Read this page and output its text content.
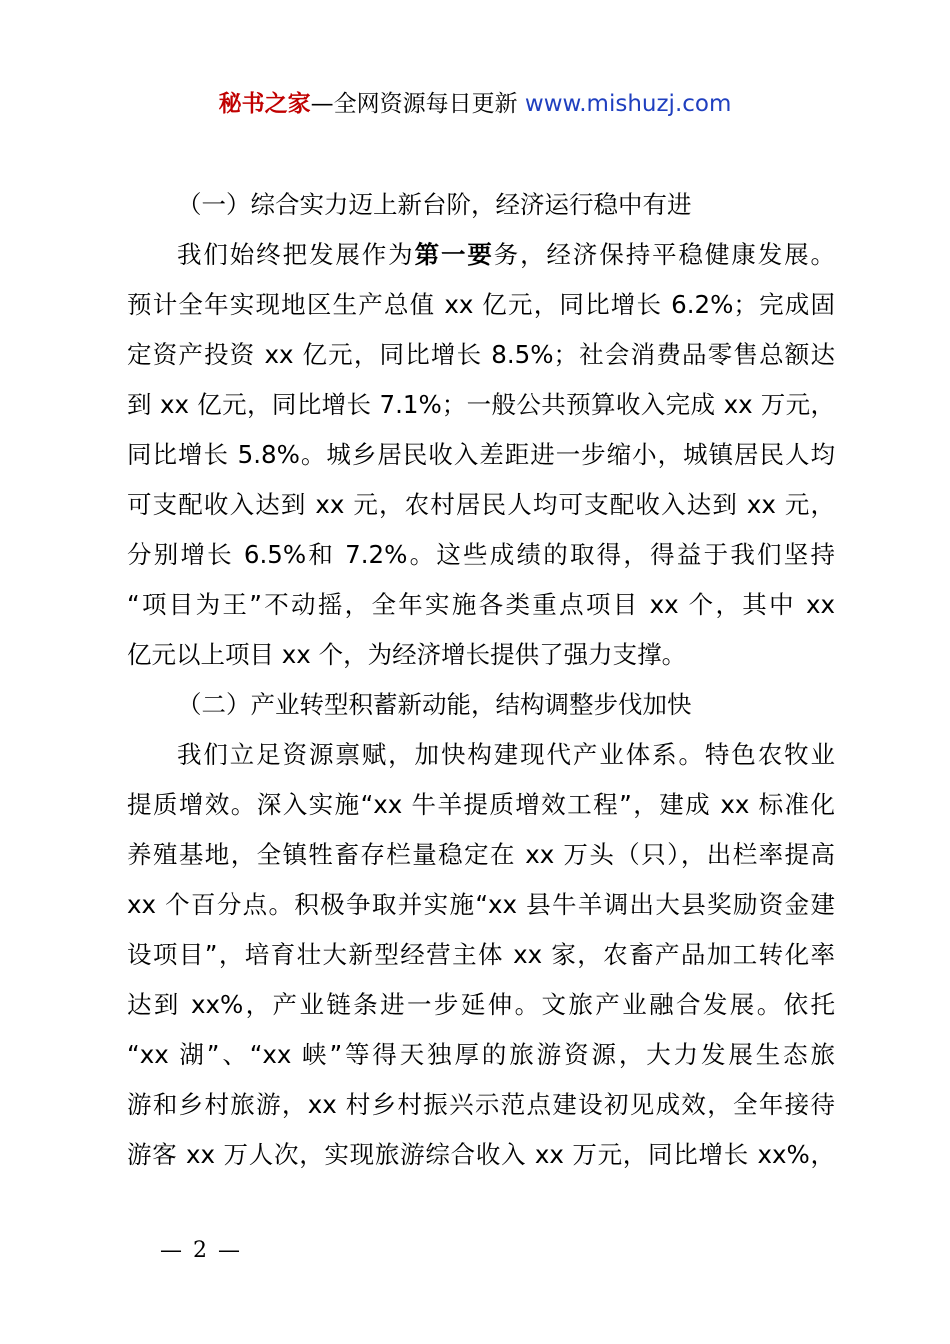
秘书之家—全网资源每日更新 www.mishuzj.com
（一）综合实力迈上新台阶，经济运行稳中有进
我们始终把发展作为第一要务，经济保持平稳健康发展。
预计全年实现地区生产总值 xx 亿元，同比增长 6.2%；完成固
定资产投资 xx 亿元，同比增长 8.5%；社会消费品零售总额达
到 xx 亿元，同比增长 7.1%；一般公共预算收入完成 xx 万元，
同比增长 5.8%。城乡居民收入差距进一步缩小，城镇居民人均
可支配收入达到 xx 元，农村居民人均可支配收入达到 xx 元，
分别增长 6.5%和 7.2%。这些成绩的取得，得益于我们坚持
“项目为王”不动摇，全年实施各类重点项目 xx 个，其中 xx
亿元以上项目 xx 个，为经济增长提供了强力支撑。
（二）产业转型积蓄新动能，结构调整步伐加快
我们立足资源禀赋，加快构建现代产业体系。特色农牧业
提质增效。深入实施“xx 牛羊提质增效工程”，建成 xx 标准化
养殖基地，全镇牲畜存栏量稳定在 xx 万头（只），出栏率提高
xx 个百分点。积极争取并实施“xx 县牛羊调出大县奖励资金建
设项目”，培育壮大新型经营主体 xx 家，农畜产品加工转化率
达到 xx%，产业链条进一步延伸。文旅产业融合发展。依托
“xx 湖”、“xx 峡”等得天独厚的旅游资源，大力发展生态旅
游和乡村旅游，xx 村乡村振兴示范点建设初见成效，全年接待
游客 xx 万人次，实现旅游综合收入 xx 万元，同比增长 xx%，
— 2 —
